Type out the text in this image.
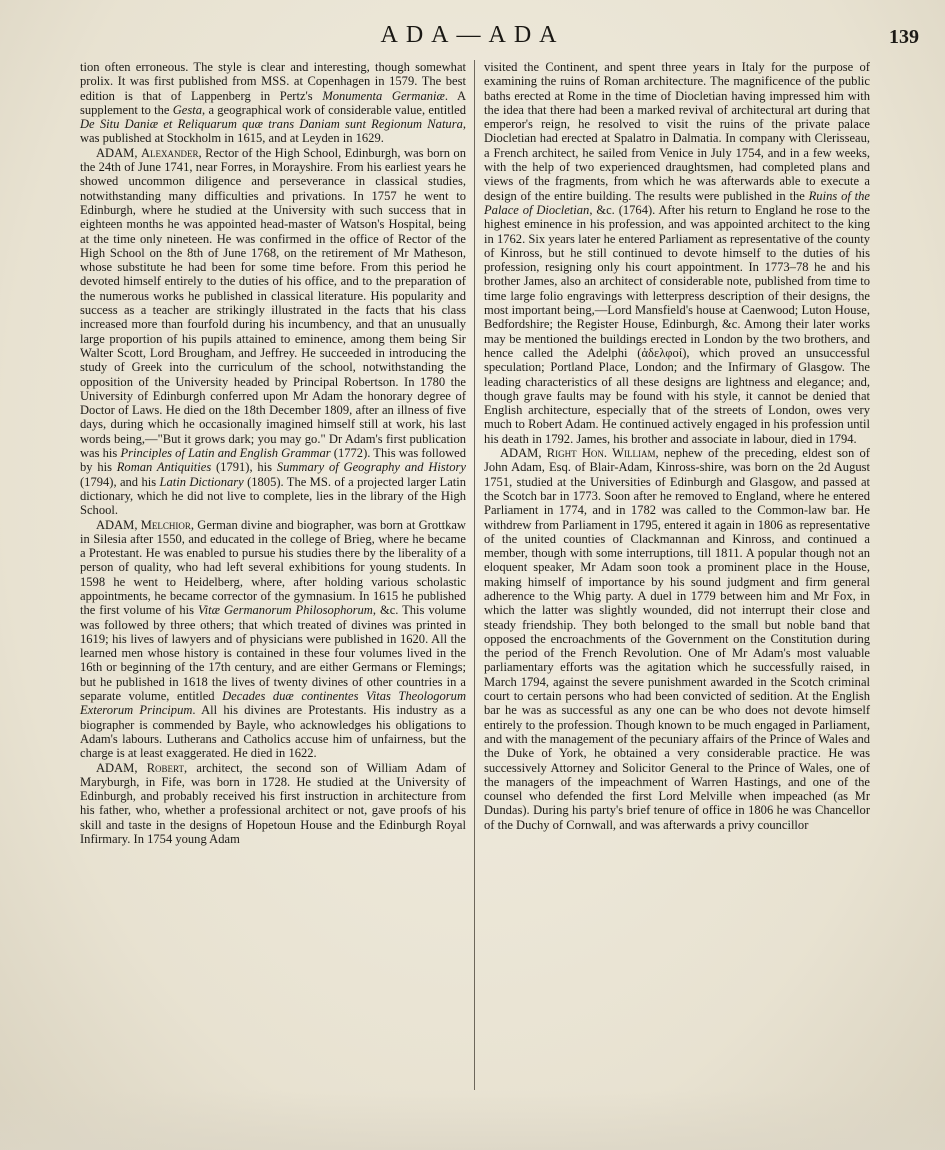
ADA—ADA	139

tion often erroneous. The style is clear and interesting, though somewhat prolix. It was first published from MSS. at Copenhagen in 1579. The best edition is that of Lappenberg in Pertz's Monumenta Germaniæ. A supplement to the Gesta, a geographical work of considerable value, entitled De Situ Daniæ et Reliquarum quæ trans Daniam sunt Regionum Natura, was published at Stockholm in 1615, and at Leyden in 1629.

ADAM, Alexander, Rector of the High School, Edinburgh, was born on the 24th of June 1741, near Forres, in Morayshire. From his earliest years he showed uncommon diligence and perseverance in classical studies, notwithstanding many difficulties and privations. In 1757 he went to Edinburgh, where he studied at the University with such success that in eighteen months he was appointed head-master of Watson's Hospital, being at the time only nineteen. He was confirmed in the office of Rector of the High School on the 8th of June 1768, on the retirement of Mr Matheson, whose substitute he had been for some time before. From this period he devoted himself entirely to the duties of his office, and to the preparation of the numerous works he published in classical literature. His popularity and success as a teacher are strikingly illustrated in the facts that his class increased more than fourfold during his incumbency, and that an unusually large proportion of his pupils attained to eminence, among them being Sir Walter Scott, Lord Brougham, and Jeffrey. He succeeded in introducing the study of Greek into the curriculum of the school, notwithstanding the opposition of the University headed by Principal Robertson. In 1780 the University of Edinburgh conferred upon Mr Adam the honorary degree of Doctor of Laws. He died on the 18th December 1809, after an illness of five days, during which he occasionally imagined himself still at work, his last words being,—"But it grows dark; you may go." Dr Adam's first publication was his Principles of Latin and English Grammar (1772). This was followed by his Roman Antiquities (1791), his Summary of Geography and History (1794), and his Latin Dictionary (1805). The MS. of a projected larger Latin dictionary, which he did not live to complete, lies in the library of the High School.

ADAM, Melchior, German divine and biographer, was born at Grottkaw in Silesia after 1550, and educated in the college of Brieg, where he became a Protestant. He was enabled to pursue his studies there by the liberality of a person of quality, who had left several exhibitions for young students. In 1598 he went to Heidelberg, where, after holding various scholastic appointments, he became corrector of the gymnasium. In 1615 he published the first volume of his Vitæ Germanorum Philosophorum, &c. This volume was followed by three others; that which treated of divines was printed in 1619; his lives of lawyers and of physicians were published in 1620. All the learned men whose history is contained in these four volumes lived in the 16th or beginning of the 17th century, and are either Germans or Flemings; but he published in 1618 the lives of twenty divines of other countries in a separate volume, entitled Decades duæ continentes Vitas Theologorum Exterorum Principum. All his divines are Protestants. His industry as a biographer is commended by Bayle, who acknowledges his obligations to Adam's labours. Lutherans and Catholics accuse him of unfairness, but the charge is at least exaggerated. He died in 1622.

ADAM, Robert, architect, the second son of William Adam of Maryburgh, in Fife, was born in 1728. He studied at the University of Edinburgh, and probably received his first instruction in architecture from his father, who, whether a professional architect or not, gave proofs of his skill and taste in the designs of Hopetoun House and the Edinburgh Royal Infirmary. In 1754 young Adam

visited the Continent, and spent three years in Italy for the purpose of examining the ruins of Roman architecture. The magnificence of the public baths erected at Rome in the time of Diocletian having impressed him with the idea that there had been a marked revival of architectural art during that emperor's reign, he resolved to visit the ruins of the private palace Diocletian had erected at Spalatro in Dalmatia. In company with Clerisseau, a French architect, he sailed from Venice in July 1754, and in a few weeks, with the help of two experienced draughtsmen, had completed plans and views of the fragments, from which he was afterwards able to execute a design of the entire building. The results were published in the Ruins of the Palace of Diocletian, &c. (1764). After his return to England he rose to the highest eminence in his profession, and was appointed architect to the king in 1762. Six years later he entered Parliament as representative of the county of Kinross, but he still continued to devote himself to the duties of his profession, resigning only his court appointment. In 1773–78 he and his brother James, also an architect of considerable note, published from time to time large folio engravings with letterpress description of their designs, the most important being,—Lord Mansfield's house at Caenwood; Luton House, Bedfordshire; the Register House, Edinburgh, &c. Among their later works may be mentioned the buildings erected in London by the two brothers, and hence called the Adelphi (ἀδελφοί), which proved an unsuccessful speculation; Portland Place, London; and the Infirmary of Glasgow. The leading characteristics of all these designs are lightness and elegance; and, though grave faults may be found with his style, it cannot be denied that English architecture, especially that of the streets of London, owes very much to Robert Adam. He continued actively engaged in his profession until his death in 1792. James, his brother and associate in labour, died in 1794.

ADAM, Right Hon. William, nephew of the preceding, eldest son of John Adam, Esq. of Blair-Adam, Kinross-shire, was born on the 2d August 1751, studied at the Universities of Edinburgh and Glasgow, and passed at the Scotch bar in 1773. Soon after he removed to England, where he entered Parliament in 1774, and in 1782 was called to the Common-law bar. He withdrew from Parliament in 1795, entered it again in 1806 as representative of the united counties of Clackmannan and Kinross, and continued a member, though with some interruptions, till 1811. A popular though not an eloquent speaker, Mr Adam soon took a prominent place in the House, making himself of importance by his sound judgment and firm general adherence to the Whig party. A duel in 1779 between him and Mr Fox, in which the latter was slightly wounded, did not interrupt their close and steady friendship. They both belonged to the small but noble band that opposed the encroachments of the Government on the Constitution during the period of the French Revolution. One of Mr Adam's most valuable parliamentary efforts was the agitation which he successfully raised, in March 1794, against the severe punishment awarded in the Scotch criminal court to certain persons who had been convicted of sedition. At the English bar he was as successful as any one can be who does not devote himself entirely to the profession. Though known to be much engaged in Parliament, and with the management of the pecuniary affairs of the Prince of Wales and the Duke of York, he obtained a very considerable practice. He was successively Attorney and Solicitor General to the Prince of Wales, one of the managers of the impeachment of Warren Hastings, and one of the counsel who defended the first Lord Melville when impeached (as Mr Dundas). During his party's brief tenure of office in 1806 he was Chancellor of the Duchy of Cornwall, and was afterwards a privy councillor
